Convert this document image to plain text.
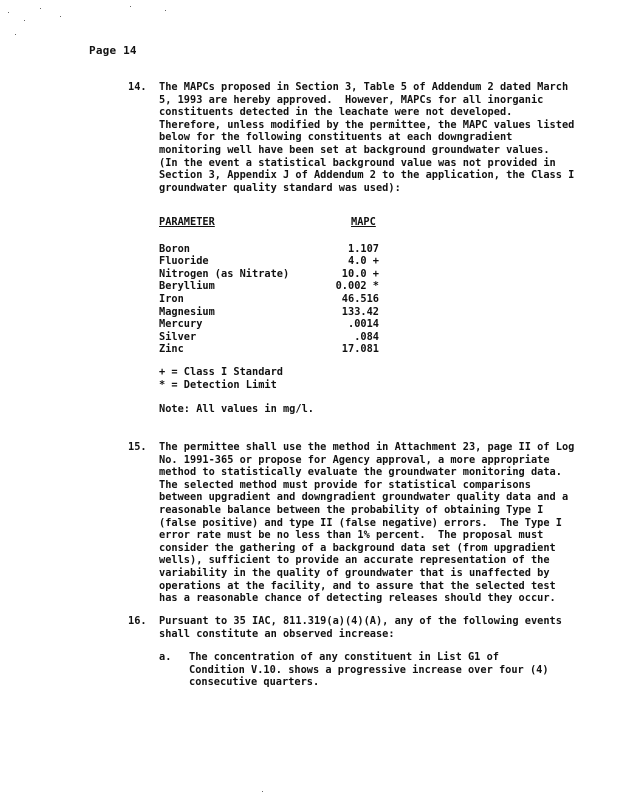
Page 14
14. The MAPCs proposed in Section 3, Table 5 of Addendum 2 dated March
5, 1993 are hereby approved.  However, MAPCs for all inorganic
constituents detected in the leachate were not developed.
Therefore, unless modified by the permittee, the MAPC values listed
below for the following constituents at each downgradient
monitoring well have been set at background groundwater values.
(In the event a statistical background value was not provided in
Section 3, Appendix J of Addendum 2 to the application, the Class I
groundwater quality standard was used):
PARAMETER	MAPC
Boron	1.107
Fluoride	4.0 +
Nitrogen (as Nitrate)	10.0 +
Beryllium	0.002 *
Iron	46.516
Magnesium	133.42
Mercury	.0014
Silver	.084
Zinc	17.081
+ = Class I Standard
* = Detection Limit
Note: All values in mg/l.
15. The permittee shall use the method in Attachment 23, page II of Log
No. 1991-365 or propose for Agency approval, a more appropriate
method to statistically evaluate the groundwater monitoring data.
The selected method must provide for statistical comparisons
between upgradient and downgradient groundwater quality data and a
reasonable balance between the probability of obtaining Type I
(false positive) and type II (false negative) errors.  The Type I
error rate must be no less than 1% percent.  The proposal must
consider the gathering of a background data set (from upgradient
wells), sufficient to provide an accurate representation of the
variability in the quality of groundwater that is unaffected by
operations at the facility, and to assure that the selected test
has a reasonable chance of detecting releases should they occur.
16. Pursuant to 35 IAC, 811.319(a)(4)(A), any of the following events
shall constitute an observed increase:
a. The concentration of any constituent in List G1 of
Condition V.10. shows a progressive increase over four (4)
consecutive quarters.
